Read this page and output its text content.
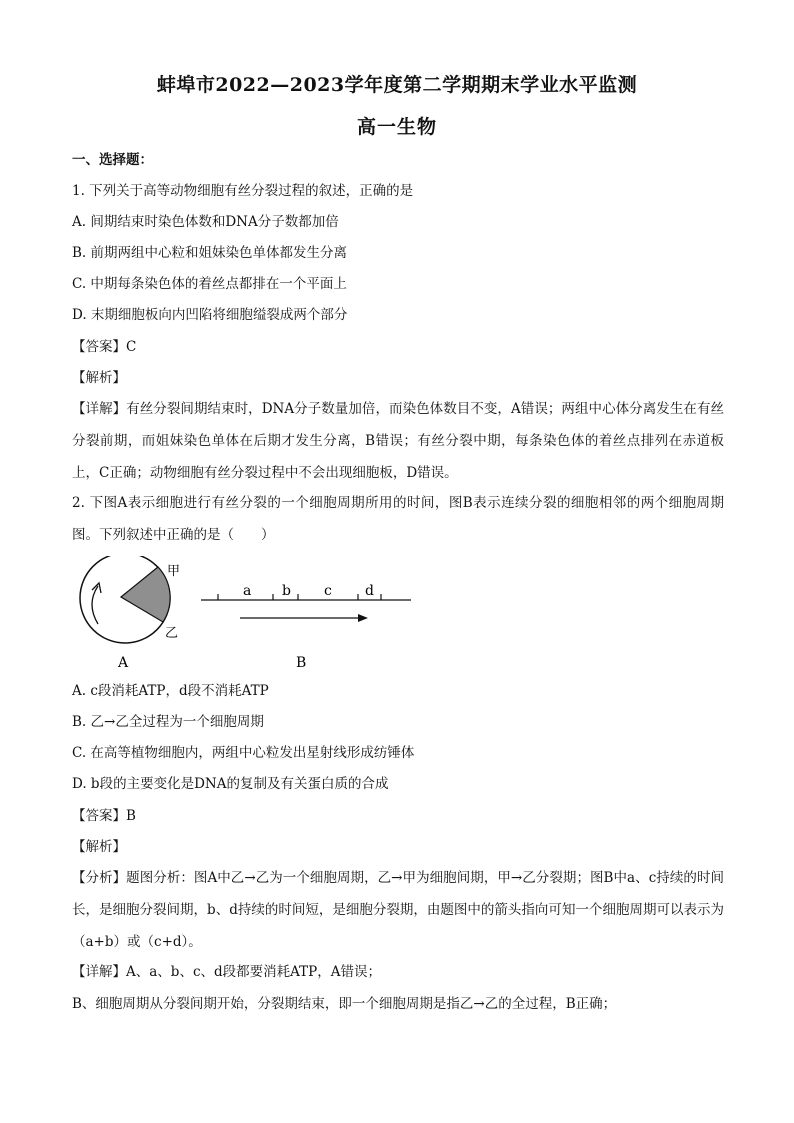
蚌埠市2022—2023学年度第二学期期末学业水平监测
高一生物
一、选择题：
1. 下列关于高等动物细胞有丝分裂过程的叙述，正确的是
A. 间期结束时染色体数和DNA分子数都加倍
B. 前期两组中心粒和姐妹染色单体都发生分离
C. 中期每条染色体的着丝点都排在一个平面上
D. 末期细胞板向内凹陷将细胞缢裂成两个部分
【答案】C
【解析】
【详解】有丝分裂间期结束时，DNA分子数量加倍，而染色体数目不变，A错误；两组中心体分离发生在有丝分裂前期，而姐妹染色单体在后期才发生分离，B错误；有丝分裂中期，每条染色体的着丝点排列在赤道板上，C正确；动物细胞有丝分裂过程中不会出现细胞板，D错误。
2. 下图A表示细胞进行有丝分裂的一个细胞周期所用的时间，图B表示连续分裂的细胞相邻的两个细胞周期图。下列叙述中正确的是（　　）
甲
乙
A
a b c d
B
A. c段消耗ATP，d段不消耗ATP
B. 乙→乙全过程为一个细胞周期
C. 在高等植物细胞内，两组中心粒发出星射线形成纺锤体
D. b段的主要变化是DNA的复制及有关蛋白质的合成
【答案】B
【解析】
【分析】题图分析：图A中乙→乙为一个细胞周期，乙→甲为细胞间期，甲→乙分裂期；图B中a、c持续的时间长，是细胞分裂间期，b、d持续的时间短，是细胞分裂期，由题图中的箭头指向可知一个细胞周期可以表示为（a+b）或（c+d）。
【详解】A、a、b、c、d段都要消耗ATP，A错误；
B、细胞周期从分裂间期开始，分裂期结束，即一个细胞周期是指乙→乙的全过程，B正确；
